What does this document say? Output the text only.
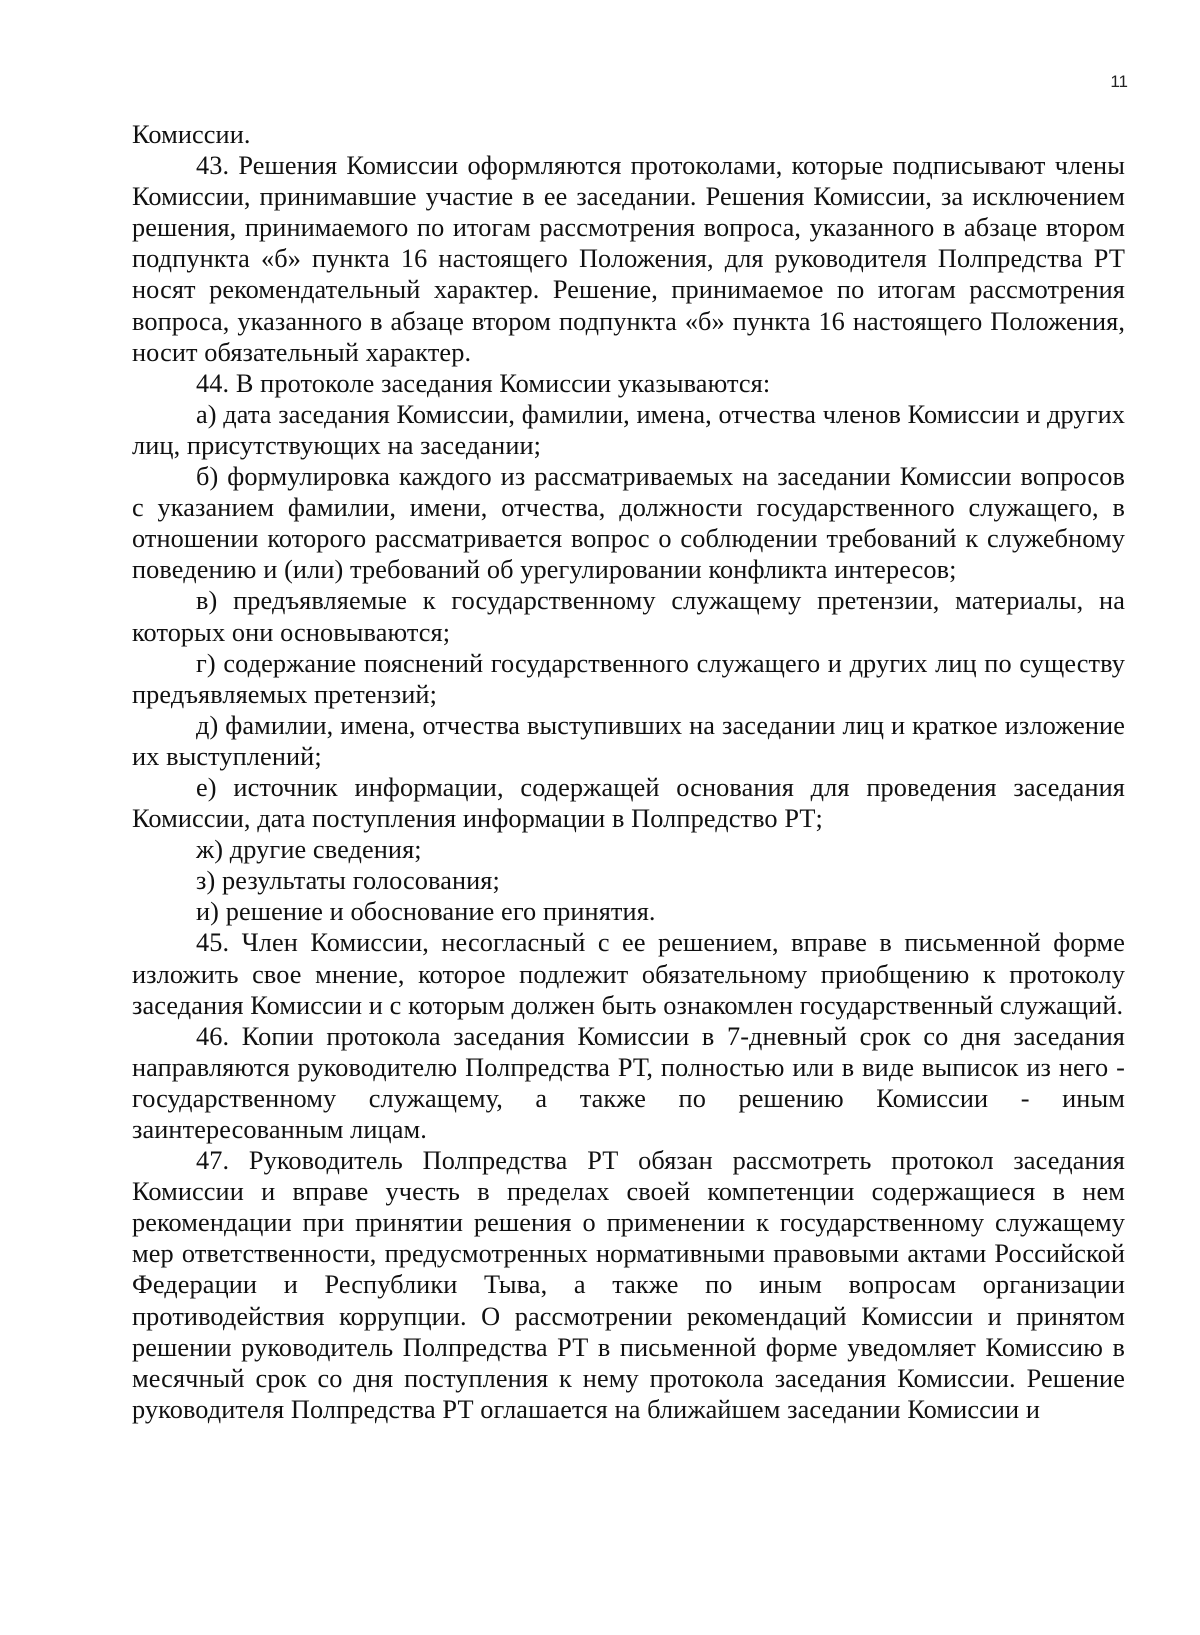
11

Комиссии.

43. Решения Комиссии оформляются протоколами, которые подписывают члены Комиссии, принимавшие участие в ее заседании. Решения Комиссии, за исключением решения, принимаемого по итогам рассмотрения вопроса, указанного в абзаце втором подпункта «б» пункта 16 настоящего Положения, для руководителя Полпредства РТ носят рекомендательный характер. Решение, принимаемое по итогам рассмотрения вопроса, указанного в абзаце втором подпункта «б» пункта 16 настоящего Положения, носит обязательный характер.

44. В протоколе заседания Комиссии указываются:

а) дата заседания Комиссии, фамилии, имена, отчества членов Комиссии и других лиц, присутствующих на заседании;

б) формулировка каждого из рассматриваемых на заседании Комиссии вопросов с указанием фамилии, имени, отчества, должности государственного служащего, в отношении которого рассматривается вопрос о соблюдении требований к служебному поведению и (или) требований об урегулировании конфликта интересов;

в) предъявляемые к государственному служащему претензии, материалы, на которых они основываются;

г) содержание пояснений государственного служащего и других лиц по существу предъявляемых претензий;

д) фамилии, имена, отчества выступивших на заседании лиц и краткое изложение их выступлений;

е) источник информации, содержащей основания для проведения заседания Комиссии, дата поступления информации в Полпредство РТ;

ж) другие сведения;

з) результаты голосования;

и) решение и обоснование его принятия.

45. Член Комиссии, несогласный с ее решением, вправе в письменной форме изложить свое мнение, которое подлежит обязательному приобщению к протоколу заседания Комиссии и с которым должен быть ознакомлен государственный служащий.

46. Копии протокола заседания Комиссии в 7-дневный срок со дня заседания направляются руководителю Полпредства РТ, полностью или в виде выписок из него - государственному служащему, а также по решению Комиссии - иным заинтересованным лицам.

47. Руководитель Полпредства РТ обязан рассмотреть протокол заседания Комиссии и вправе учесть в пределах своей компетенции содержащиеся в нем рекомендации при принятии решения о применении к государственному служащему мер ответственности, предусмотренных нормативными правовыми актами Российской Федерации и Республики Тыва, а также по иным вопросам организации противодействия коррупции. О рассмотрении рекомендаций Комиссии и принятом решении руководитель Полпредства РТ в письменной форме уведомляет Комиссию в месячный срок со дня поступления к нему протокола заседания Комиссии. Решение руководителя Полпредства РТ оглашается на ближайшем заседании Комиссии и
